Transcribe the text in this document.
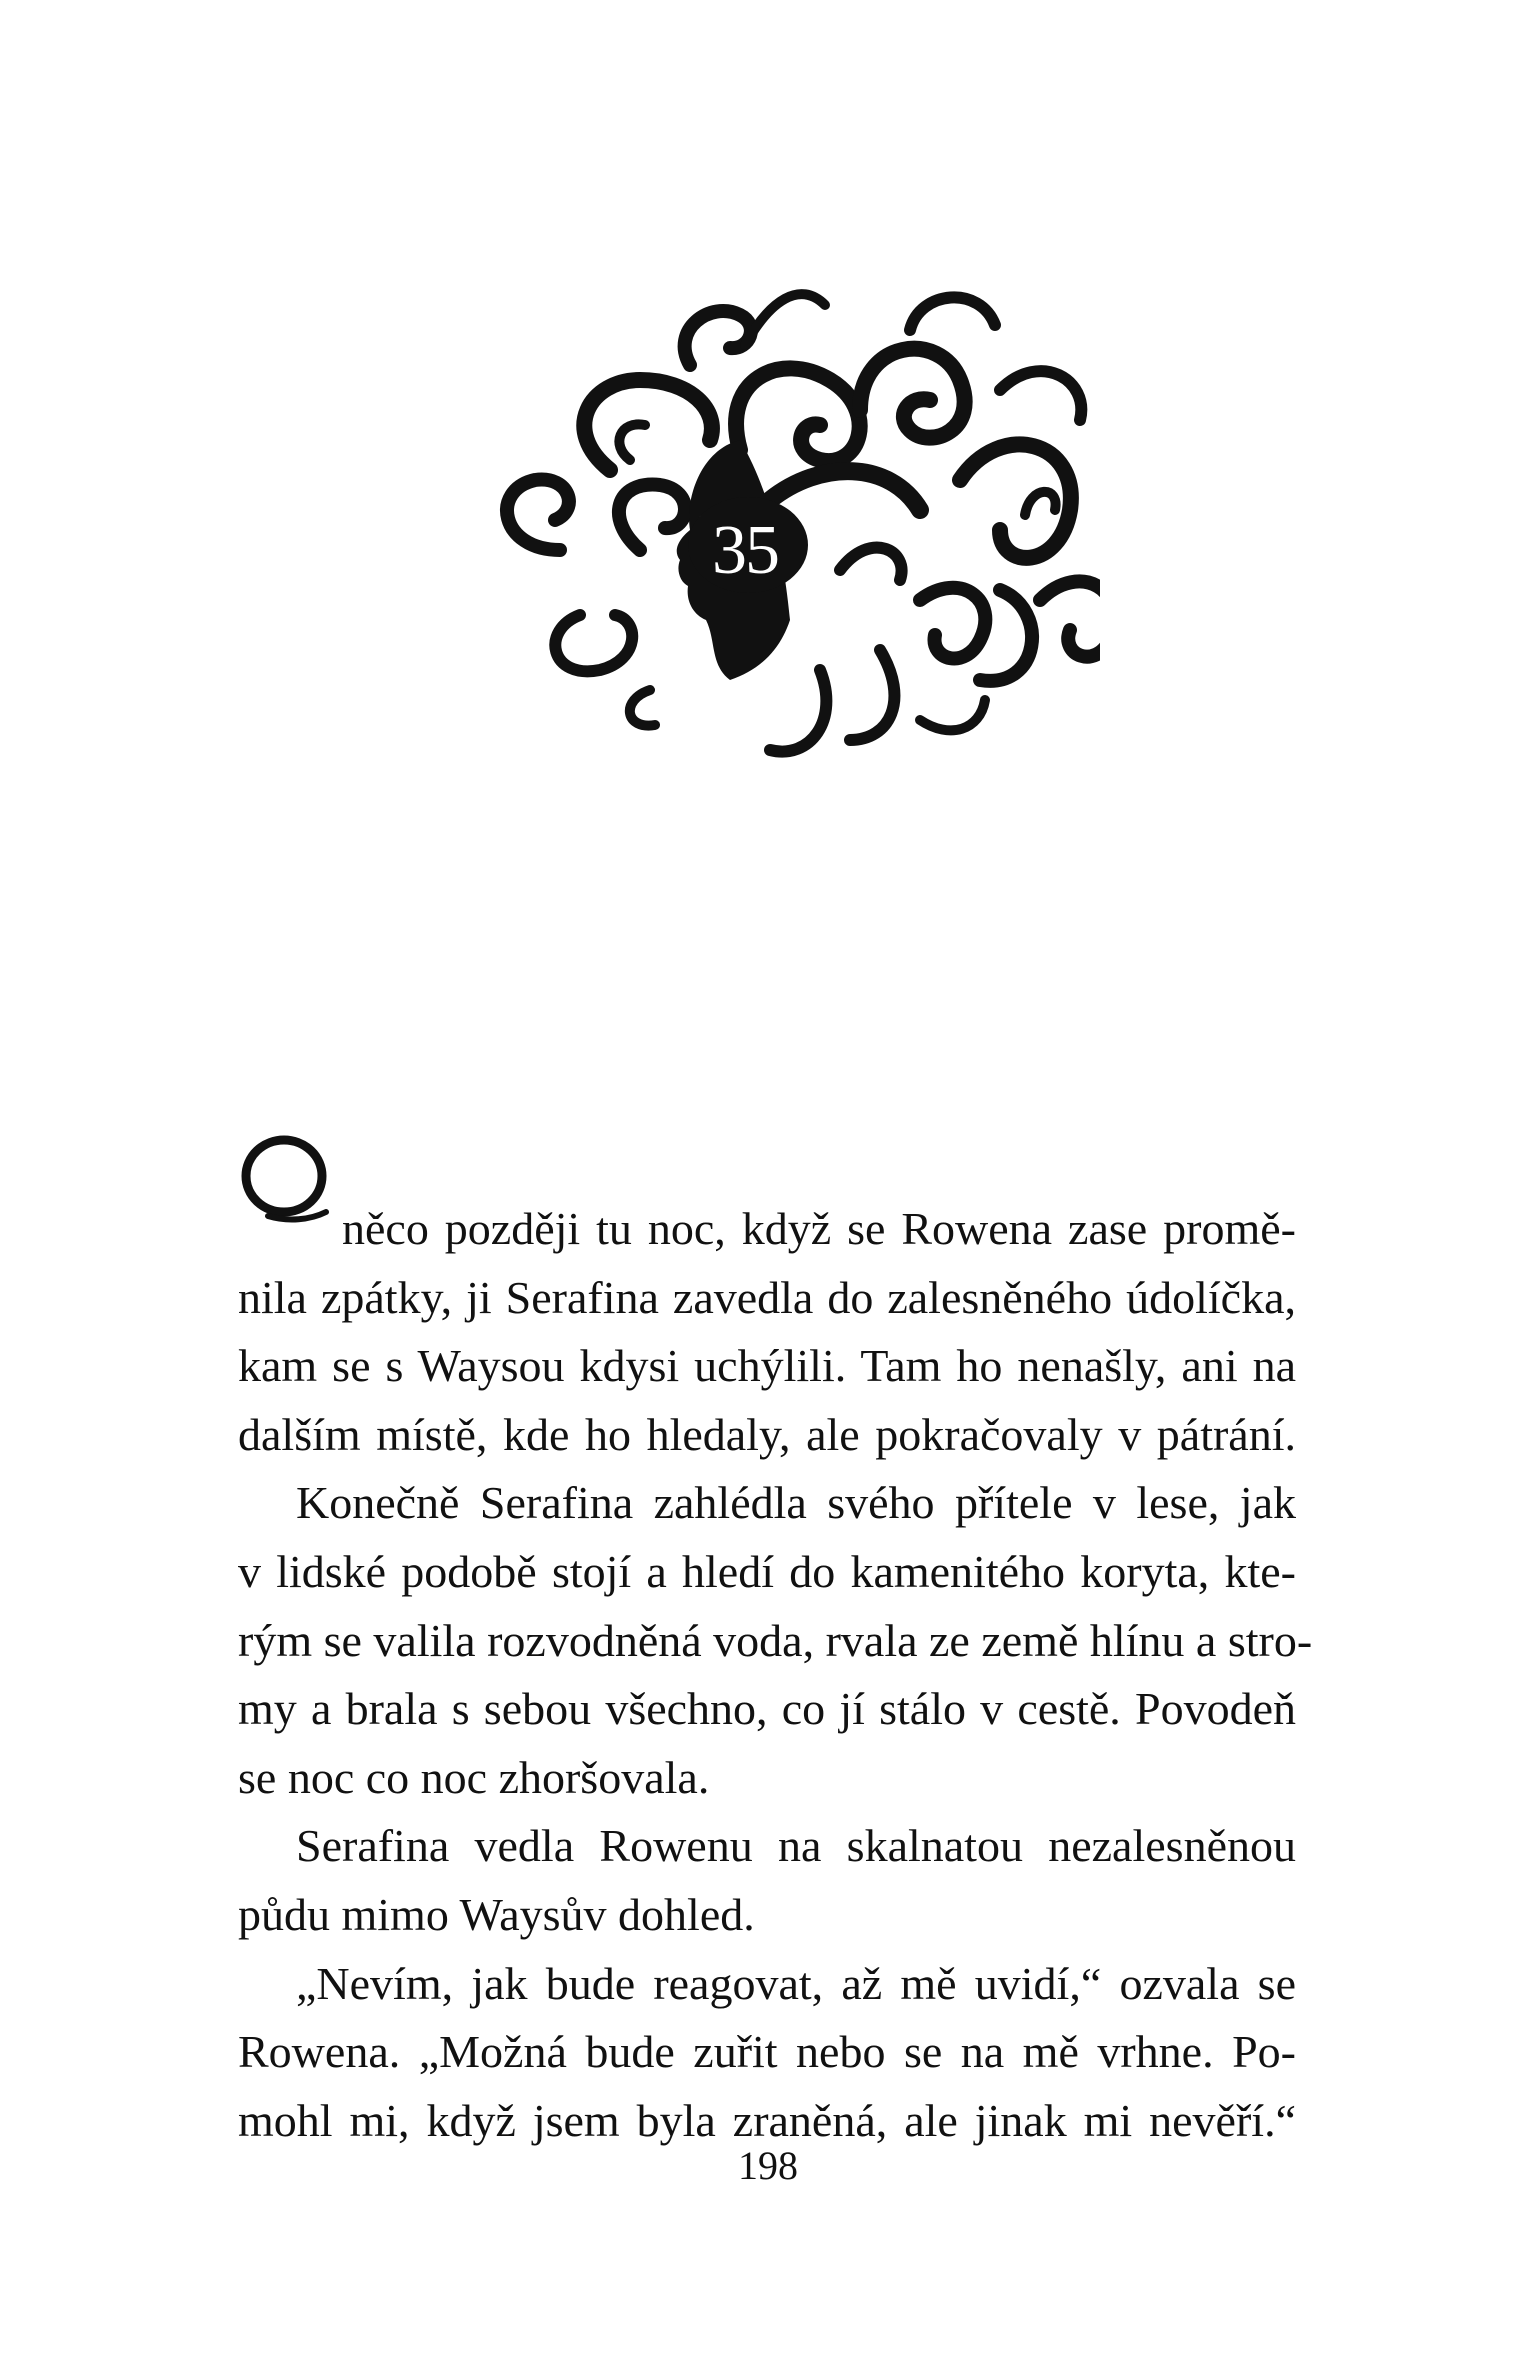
35
něco později tu noc, když se Rowena zase promě-
nila zpátky, ji Serafina zavedla do zalesněného údolíčka,
kam se s Waysou kdysi uchýlili. Tam ho nenašly, ani na
dalším místě, kde ho hledaly, ale pokračovaly v pátrání.
Konečně Serafina zahlédla svého přítele v lese, jak
v lidské podobě stojí a hledí do kamenitého koryta, kte-
rým se valila rozvodněná voda, rvala ze země hlínu a stro-
my a brala s sebou všechno, co jí stálo v cestě. Povodeň
se noc co noc zhoršovala.
Serafina vedla Rowenu na skalnatou nezalesněnou
půdu mimo Waysův dohled.
„Nevím, jak bude reagovat, až mě uvidí,“ ozvala se
Rowena. „Možná bude zuřit nebo se na mě vrhne. Po-
mohl mi, když jsem byla zraněná, ale jinak mi nevěří.“
198
